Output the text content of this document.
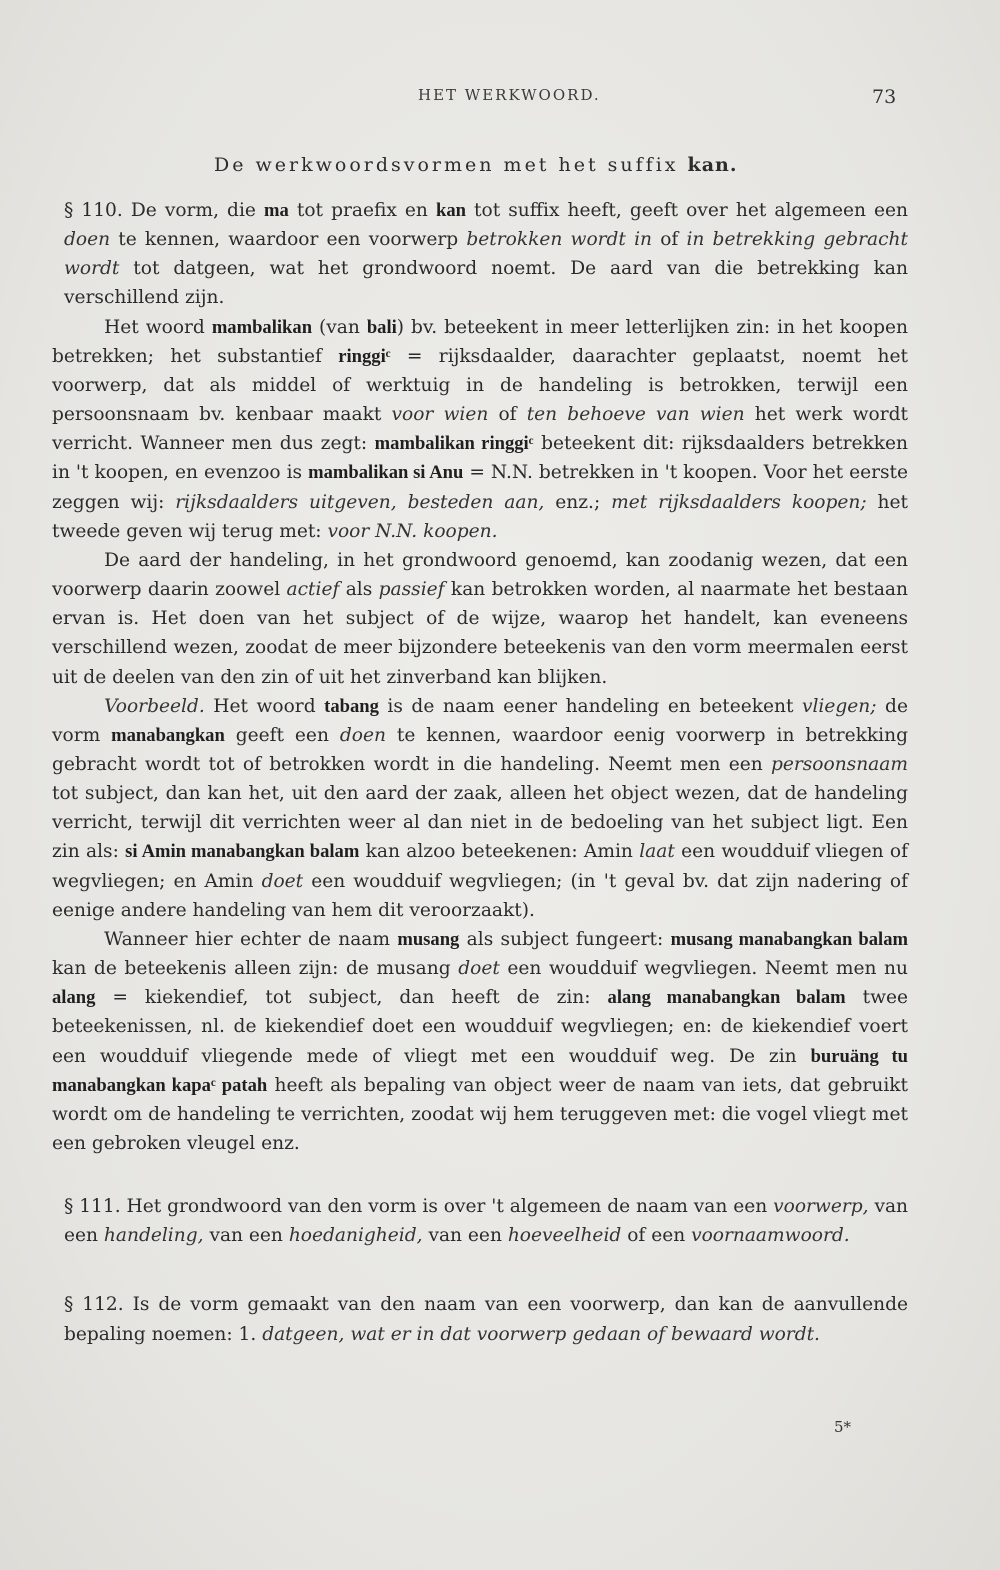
HET WERKWOORD.	73
De werkwoordsvormen met het suffix kan.

§ 110. De vorm, die ma tot praefix en kan tot suffix heeft, geeft over het algemeen een doen te kennen, waardoor een voorwerp betrokken wordt in of in betrekking gebracht wordt tot datgeen, wat het grondwoord noemt. De aard van die betrekking kan verschillend zijn.

Het woord mambalikan (van bali) bv. beteekent in meer letterlijken zin: in het koopen betrekken; het substantief ringgiᶜ = rijksdaalder, daarachter geplaatst, noemt het voorwerp, dat als middel of werktuig in de handeling is betrokken, terwijl een persoonsnaam bv. kenbaar maakt voor wien of ten behoeve van wien het werk wordt verricht. Wanneer men dus zegt: mambalikan ringgiᶜ beteekent dit: rijksdaalders betrekken in 't koopen, en evenzoo is mambalikan si Anu = N.N. betrekken in 't koopen. Voor het eerste zeggen wij: rijksdaalders uitgeven, besteden aan, enz.; met rijksdaalders koopen; het tweede geven wij terug met: voor N.N. koopen.

De aard der handeling, in het grondwoord genoemd, kan zoodanig wezen, dat een voorwerp daarin zoowel actief als passief kan betrokken worden, al naarmate het bestaan ervan is. Het doen van het subject of de wijze, waarop het handelt, kan eveneens verschillend wezen, zoodat de meer bijzondere beteekenis van den vorm meermalen eerst uit de deelen van den zin of uit het zinverband kan blijken.

Voorbeeld. Het woord tabang is de naam eener handeling en beteekent vliegen; de vorm manabangkan geeft een doen te kennen, waardoor eenig voorwerp in betrekking gebracht wordt tot of betrokken wordt in die handeling. Neemt men een persoonsnaam tot subject, dan kan het, uit den aard der zaak, alleen het object wezen, dat de handeling verricht, terwijl dit verrichten weer al dan niet in de bedoeling van het subject ligt. Een zin als: si Amin manabangkan balam kan alzoo beteekenen: Amin laat een woudduif vliegen of wegvliegen; en Amin doet een woudduif wegvliegen; (in 't geval bv. dat zijn nadering of eenige andere handeling van hem dit veroorzaakt).

Wanneer hier echter de naam musang als subject fungeert: musang manabangkan balam kan de beteekenis alleen zijn: de musang doet een woudduif wegvliegen. Neemt men nu alang = kiekendief, tot subject, dan heeft de zin: alang manabangkan balam twee beteekenissen, nl. de kiekendief doet een woudduif wegvliegen; en: de kiekendief voert een woudduif vliegende mede of vliegt met een woudduif weg. De zin buruäng tu manabangkan kapaᶜ patah heeft als bepaling van object weer de naam van iets, dat gebruikt wordt om de handeling te verrichten, zoodat wij hem teruggeven met: die vogel vliegt met een gebroken vleugel enz.

§ 111. Het grondwoord van den vorm is over 't algemeen de naam van een voorwerp, van een handeling, van een hoedanigheid, van een hoeveelheid of een voornaamwoord.

§ 112. Is de vorm gemaakt van den naam van een voorwerp, dan kan de aanvullende bepaling noemen: 1. datgeen, wat er in dat voorwerp gedaan of bewaard wordt.

5*
